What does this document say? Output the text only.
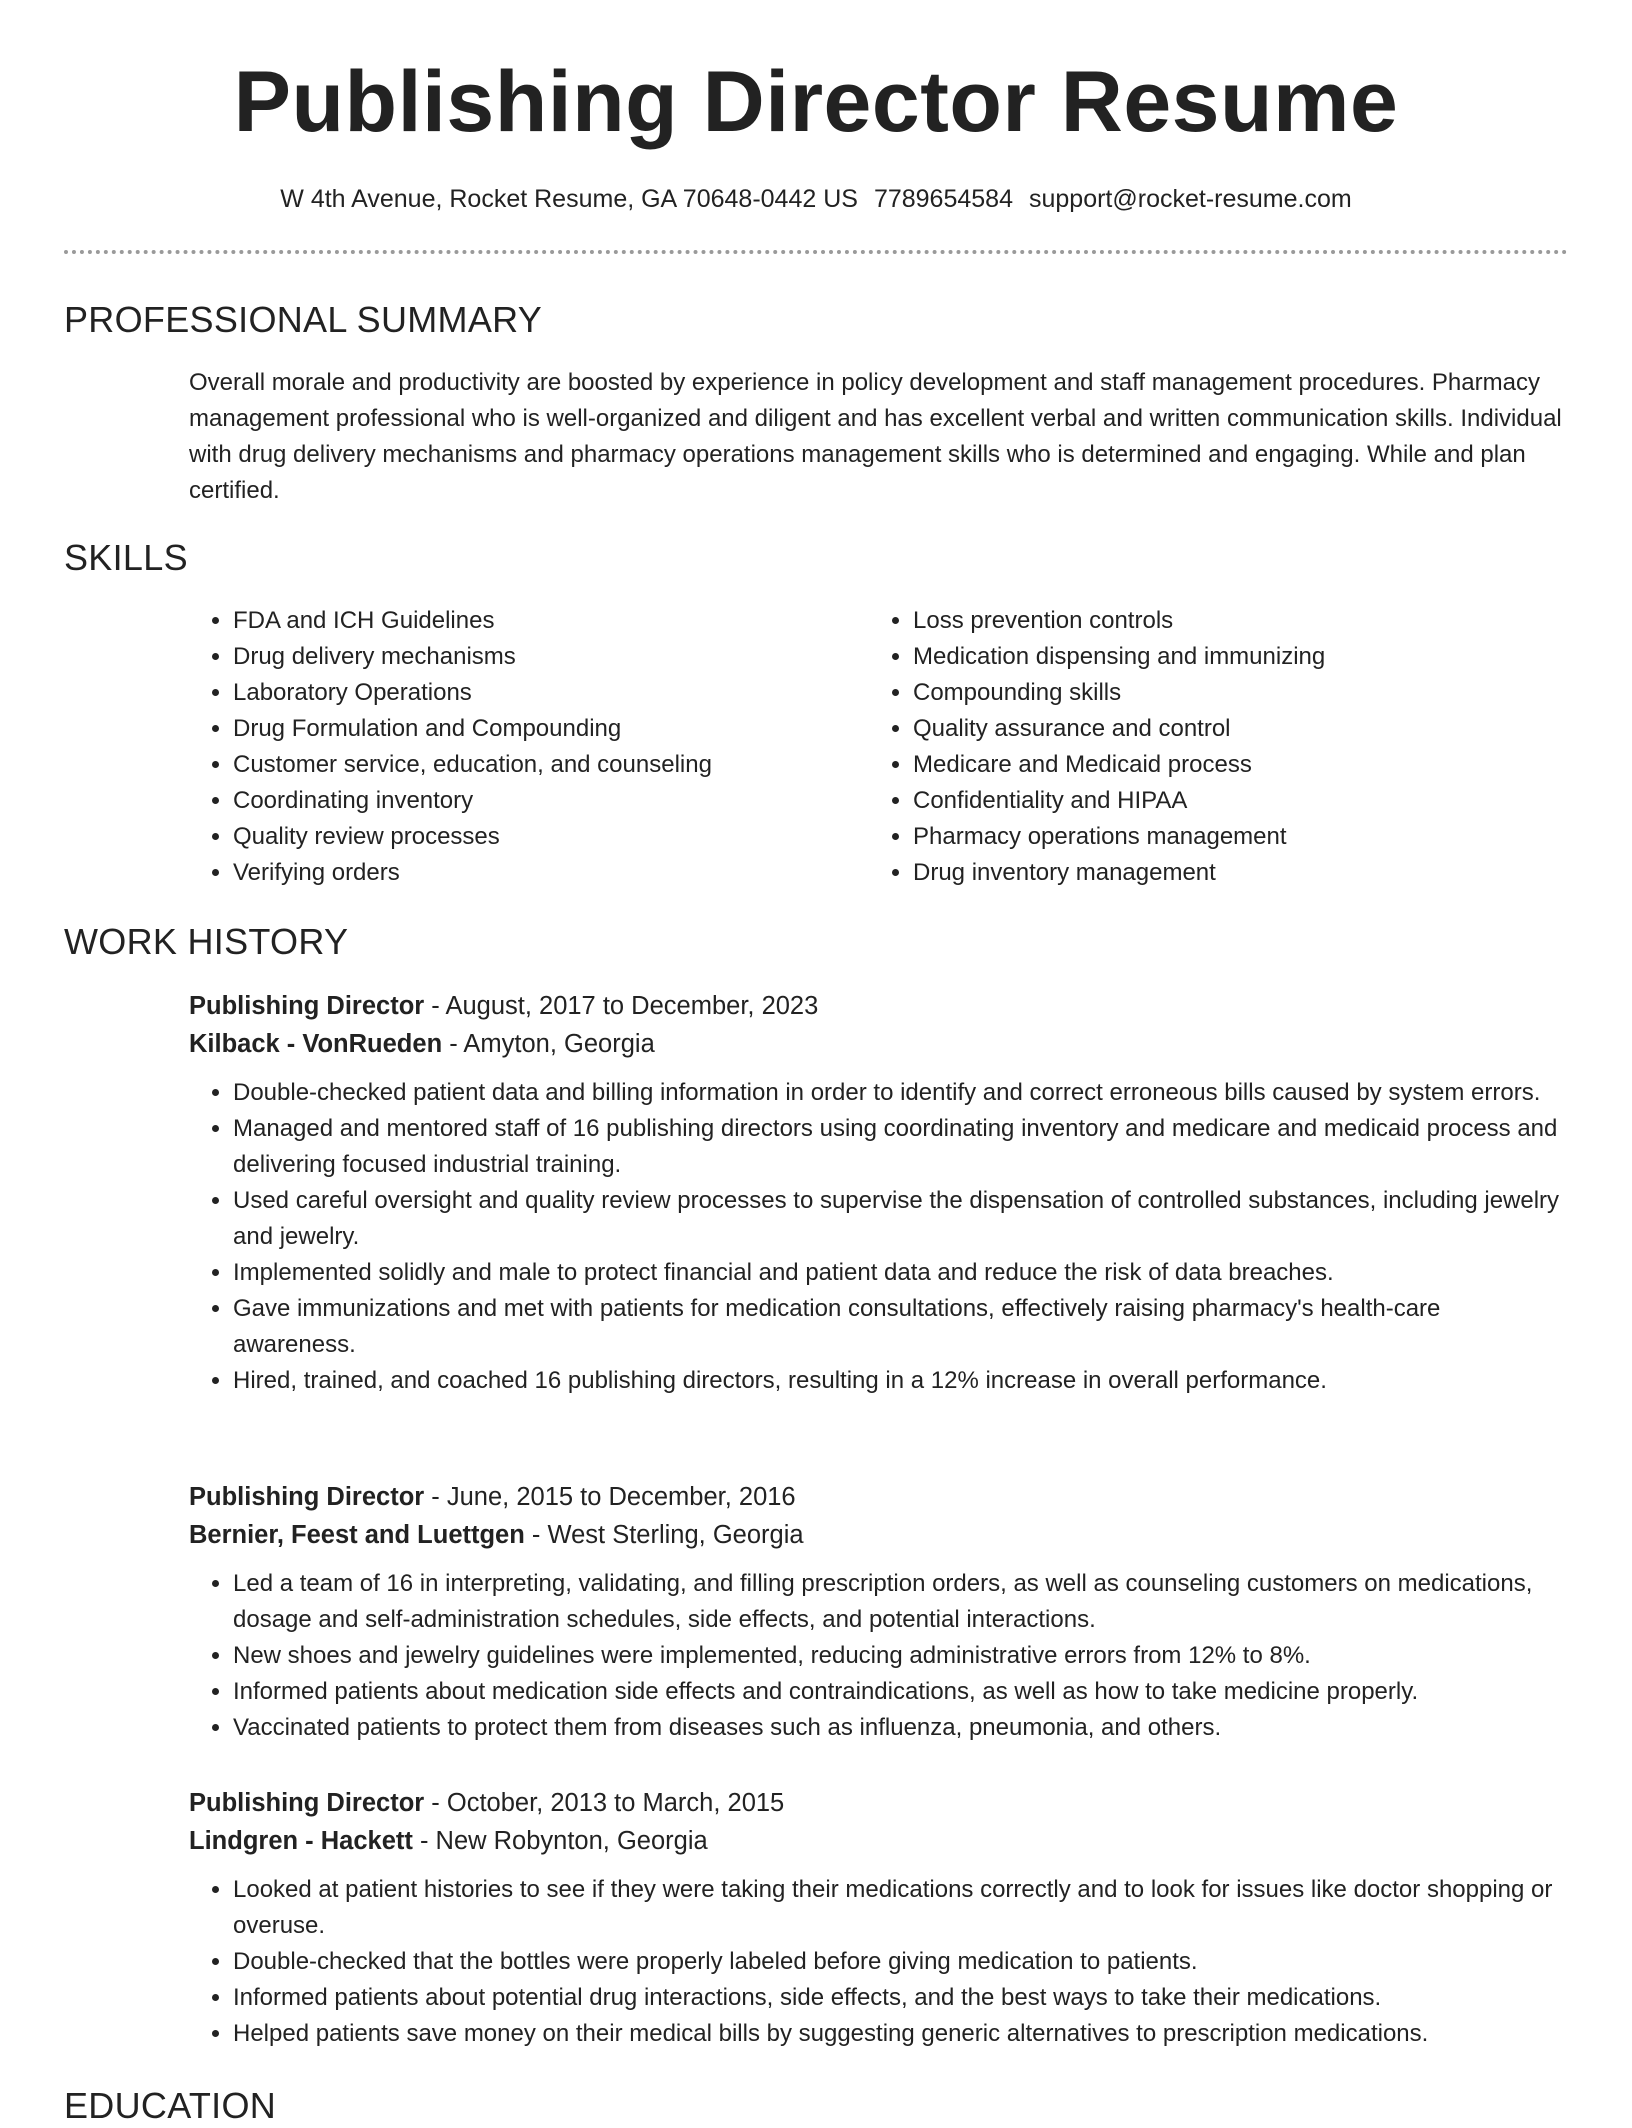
Publishing Director Resume
W 4th Avenue, Rocket Resume, GA 70648-0442 US 7789654584 support@rocket-resume.com
PROFESSIONAL SUMMARY

Overall morale and productivity are boosted by experience in policy development and staff management procedures. Pharmacy management professional who is well-organized and diligent and has excellent verbal and written communication skills. Individual with drug delivery mechanisms and pharmacy operations management skills who is determined and engaging. While and plan certified.

SKILLS
• FDA and ICH Guidelines
• Drug delivery mechanisms
• Laboratory Operations
• Drug Formulation and Compounding
• Customer service, education, and counseling
• Coordinating inventory
• Quality review processes
• Verifying orders
• Loss prevention controls
• Medication dispensing and immunizing
• Compounding skills
• Quality assurance and control
• Medicare and Medicaid process
• Confidentiality and HIPAA
• Pharmacy operations management
• Drug inventory management
WORK HISTORY
Publishing Director - August, 2017 to December, 2023
Kilback - VonRueden - Amyton, Georgia
• Double-checked patient data and billing information in order to identify and correct erroneous bills caused by system errors.
• Managed and mentored staff of 16 publishing directors using coordinating inventory and medicare and medicaid process and delivering focused industrial training.
• Used careful oversight and quality review processes to supervise the dispensation of controlled substances, including jewelry and jewelry.
• Implemented solidly and male to protect financial and patient data and reduce the risk of data breaches.
• Gave immunizations and met with patients for medication consultations, effectively raising pharmacy's health-care awareness.
• Hired, trained, and coached 16 publishing directors, resulting in a 12% increase in overall performance.
Publishing Director - June, 2015 to December, 2016
Bernier, Feest and Luettgen - West Sterling, Georgia
• Led a team of 16 in interpreting, validating, and filling prescription orders, as well as counseling customers on medications, dosage and self-administration schedules, side effects, and potential interactions.
• New shoes and jewelry guidelines were implemented, reducing administrative errors from 12% to 8%.
• Informed patients about medication side effects and contraindications, as well as how to take medicine properly.
• Vaccinated patients to protect them from diseases such as influenza, pneumonia, and others.
Publishing Director - October, 2013 to March, 2015
Lindgren - Hackett - New Robynton, Georgia
• Looked at patient histories to see if they were taking their medications correctly and to look for issues like doctor shopping or overuse.
• Double-checked that the bottles were properly labeled before giving medication to patients.
• Informed patients about potential drug interactions, side effects, and the best ways to take their medications.
• Helped patients save money on their medical bills by suggesting generic alternatives to prescription medications.
EDUCATION
